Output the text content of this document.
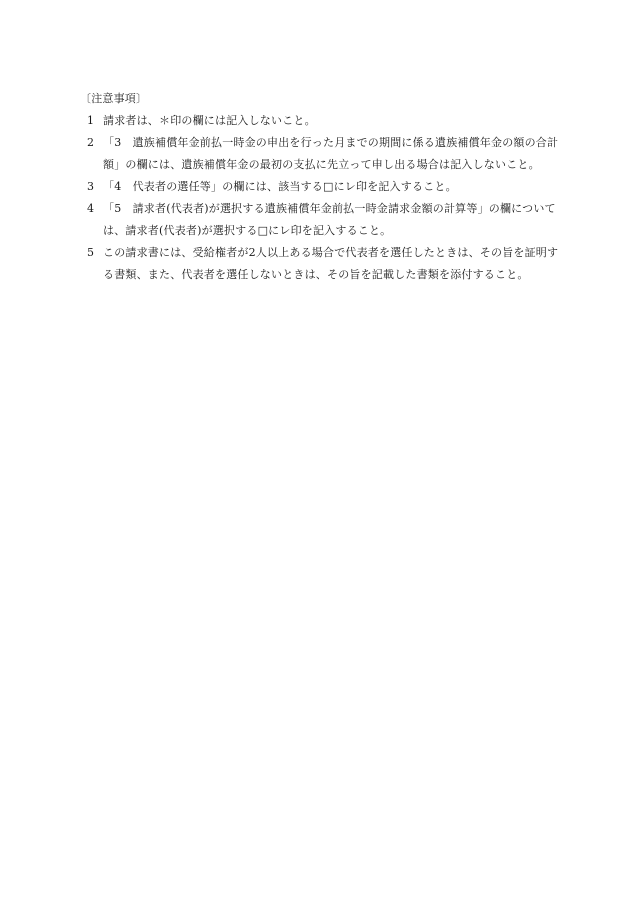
〔注意事項〕
1 請求者は、＊印の欄には記入しないこと。
2 「3　遺族補償年金前払一時金の申出を行った月までの期間に係る遺族補償年金の額の合計額」の欄には、遺族補償年金の最初の支払に先立って申し出る場合は記入しないこと。
3 「4　代表者の選任等」の欄には、該当する□にレ印を記入すること。
4 「5　請求者(代表者)が選択する遺族補償年金前払一時金請求金額の計算等」の欄については、請求者(代表者)が選択する□にレ印を記入すること。
5 この請求書には、受給権者が2人以上ある場合で代表者を選任したときは、その旨を証明する書類、また、代表者を選任しないときは、その旨を記載した書類を添付すること。
